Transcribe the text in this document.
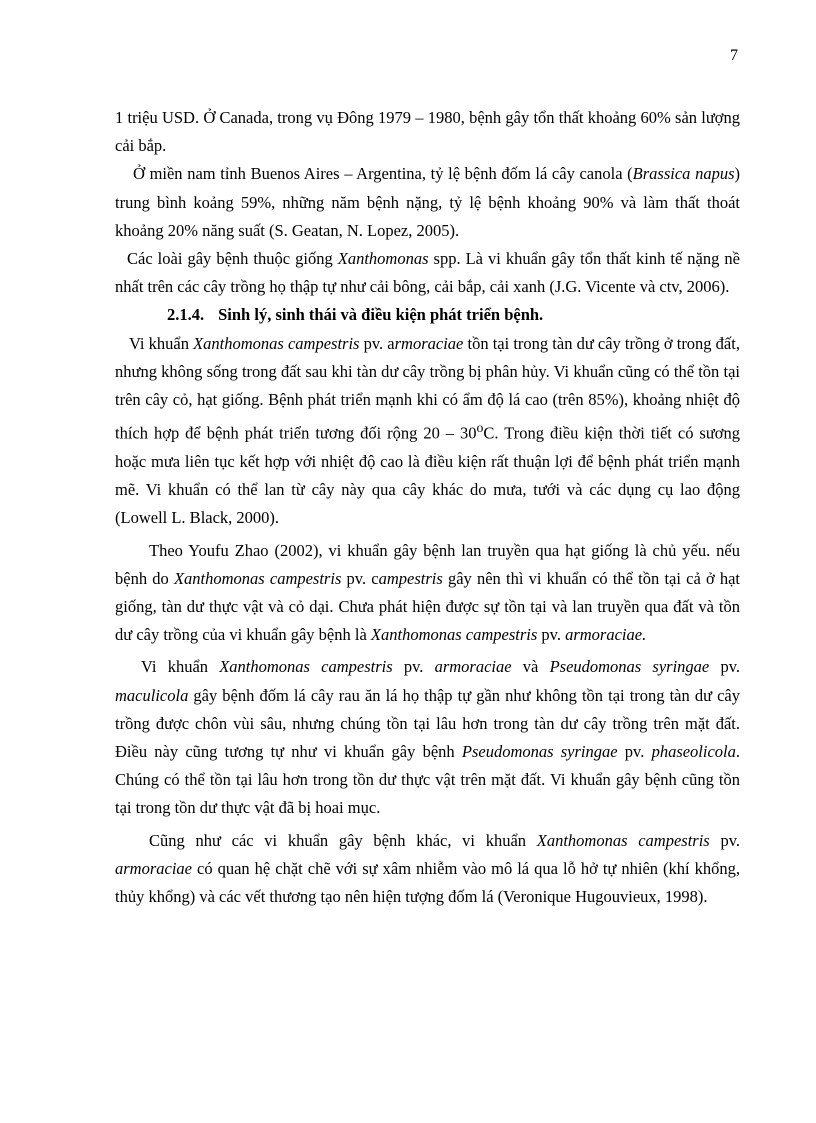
7

1 triệu USD. Ở Canada, trong vụ Đông 1979 – 1980, bệnh gây tổn thất khoảng 60% sản lượng cải bắp.

Ở miền nam tỉnh Buenos Aires – Argentina, tỷ lệ bệnh đốm lá cây canola (Brassica napus) trung bình koảng 59%, những năm bệnh nặng, tỷ lệ bệnh khoảng 90% và làm thất thoát khoảng 20% năng suất (S. Geatan, N. Lopez, 2005).

Các loài gây bệnh thuộc giống Xanthomonas spp. Là vi khuẩn gây tổn thất kinh tế nặng nề nhất trên các cây trồng họ thập tự như cải bông, cải bắp, cải xanh (J.G. Vicente và ctv, 2006).

2.1.4. Sinh lý, sinh thái và điều kiện phát triển bệnh.

Vi khuẩn Xanthomonas campestris pv. armoraciae tồn tại trong tàn dư cây trồng ở trong đất, nhưng không sống trong đất sau khi tàn dư cây trồng bị phân hủy. Vi khuẩn cũng có thể tồn tại trên cây cỏ, hạt giống. Bệnh phát triển mạnh khi có ẩm độ lá cao (trên 85%), khoảng nhiệt độ thích hợp để bệnh phát triển tương đối rộng 20 – 30$^o$C. Trong điều kiện thời tiết có sương hoặc mưa liên tục kết hợp với nhiệt độ cao là điều kiện rất thuận lợi để bệnh phát triển mạnh mẽ. Vi khuẩn có thể lan từ cây này qua cây khác do mưa, tưới và các dụng cụ lao động (Lowell L. Black, 2000).

Theo Youfu Zhao (2002), vi khuẩn gây bệnh lan truyền qua hạt giống là chủ yếu. nếu bệnh do Xanthomonas campestris pv. campestris gây nên thì vi khuẩn có thể tồn tại cả ở hạt giống, tàn dư thực vật và cỏ dại. Chưa phát hiện được sự tồn tại và lan truyền qua đất và tồn dư cây trồng của vi khuẩn gây bệnh là Xanthomonas campestris pv. armoraciae.

Vi khuẩn Xanthomonas campestris pv. armoraciae và Pseudomonas syringae pv. maculicola gây bệnh đốm lá cây rau ăn lá họ thập tự gần như không tồn tại trong tàn dư cây trồng được chôn vùi sâu, nhưng chúng tồn tại lâu hơn trong tàn dư cây trồng trên mặt đất. Điều này cũng tương tự như vi khuẩn gây bệnh Pseudomonas syringae pv. phaseolicola. Chúng có thể tồn tại lâu hơn trong tồn dư thực vật trên mặt đất. Vi khuẩn gây bệnh cũng tồn tại trong tồn dư thực vật đã bị hoai mục.

Cũng như các vi khuẩn gây bệnh khác, vi khuẩn Xanthomonas campestris pv. armoraciae có quan hệ chặt chẽ với sự xâm nhiễm vào mô lá qua lỗ hở tự nhiên (khí khổng, thủy khổng) và các vết thương tạo nên hiện tượng đốm lá (Veronique Hugouvieux, 1998).
